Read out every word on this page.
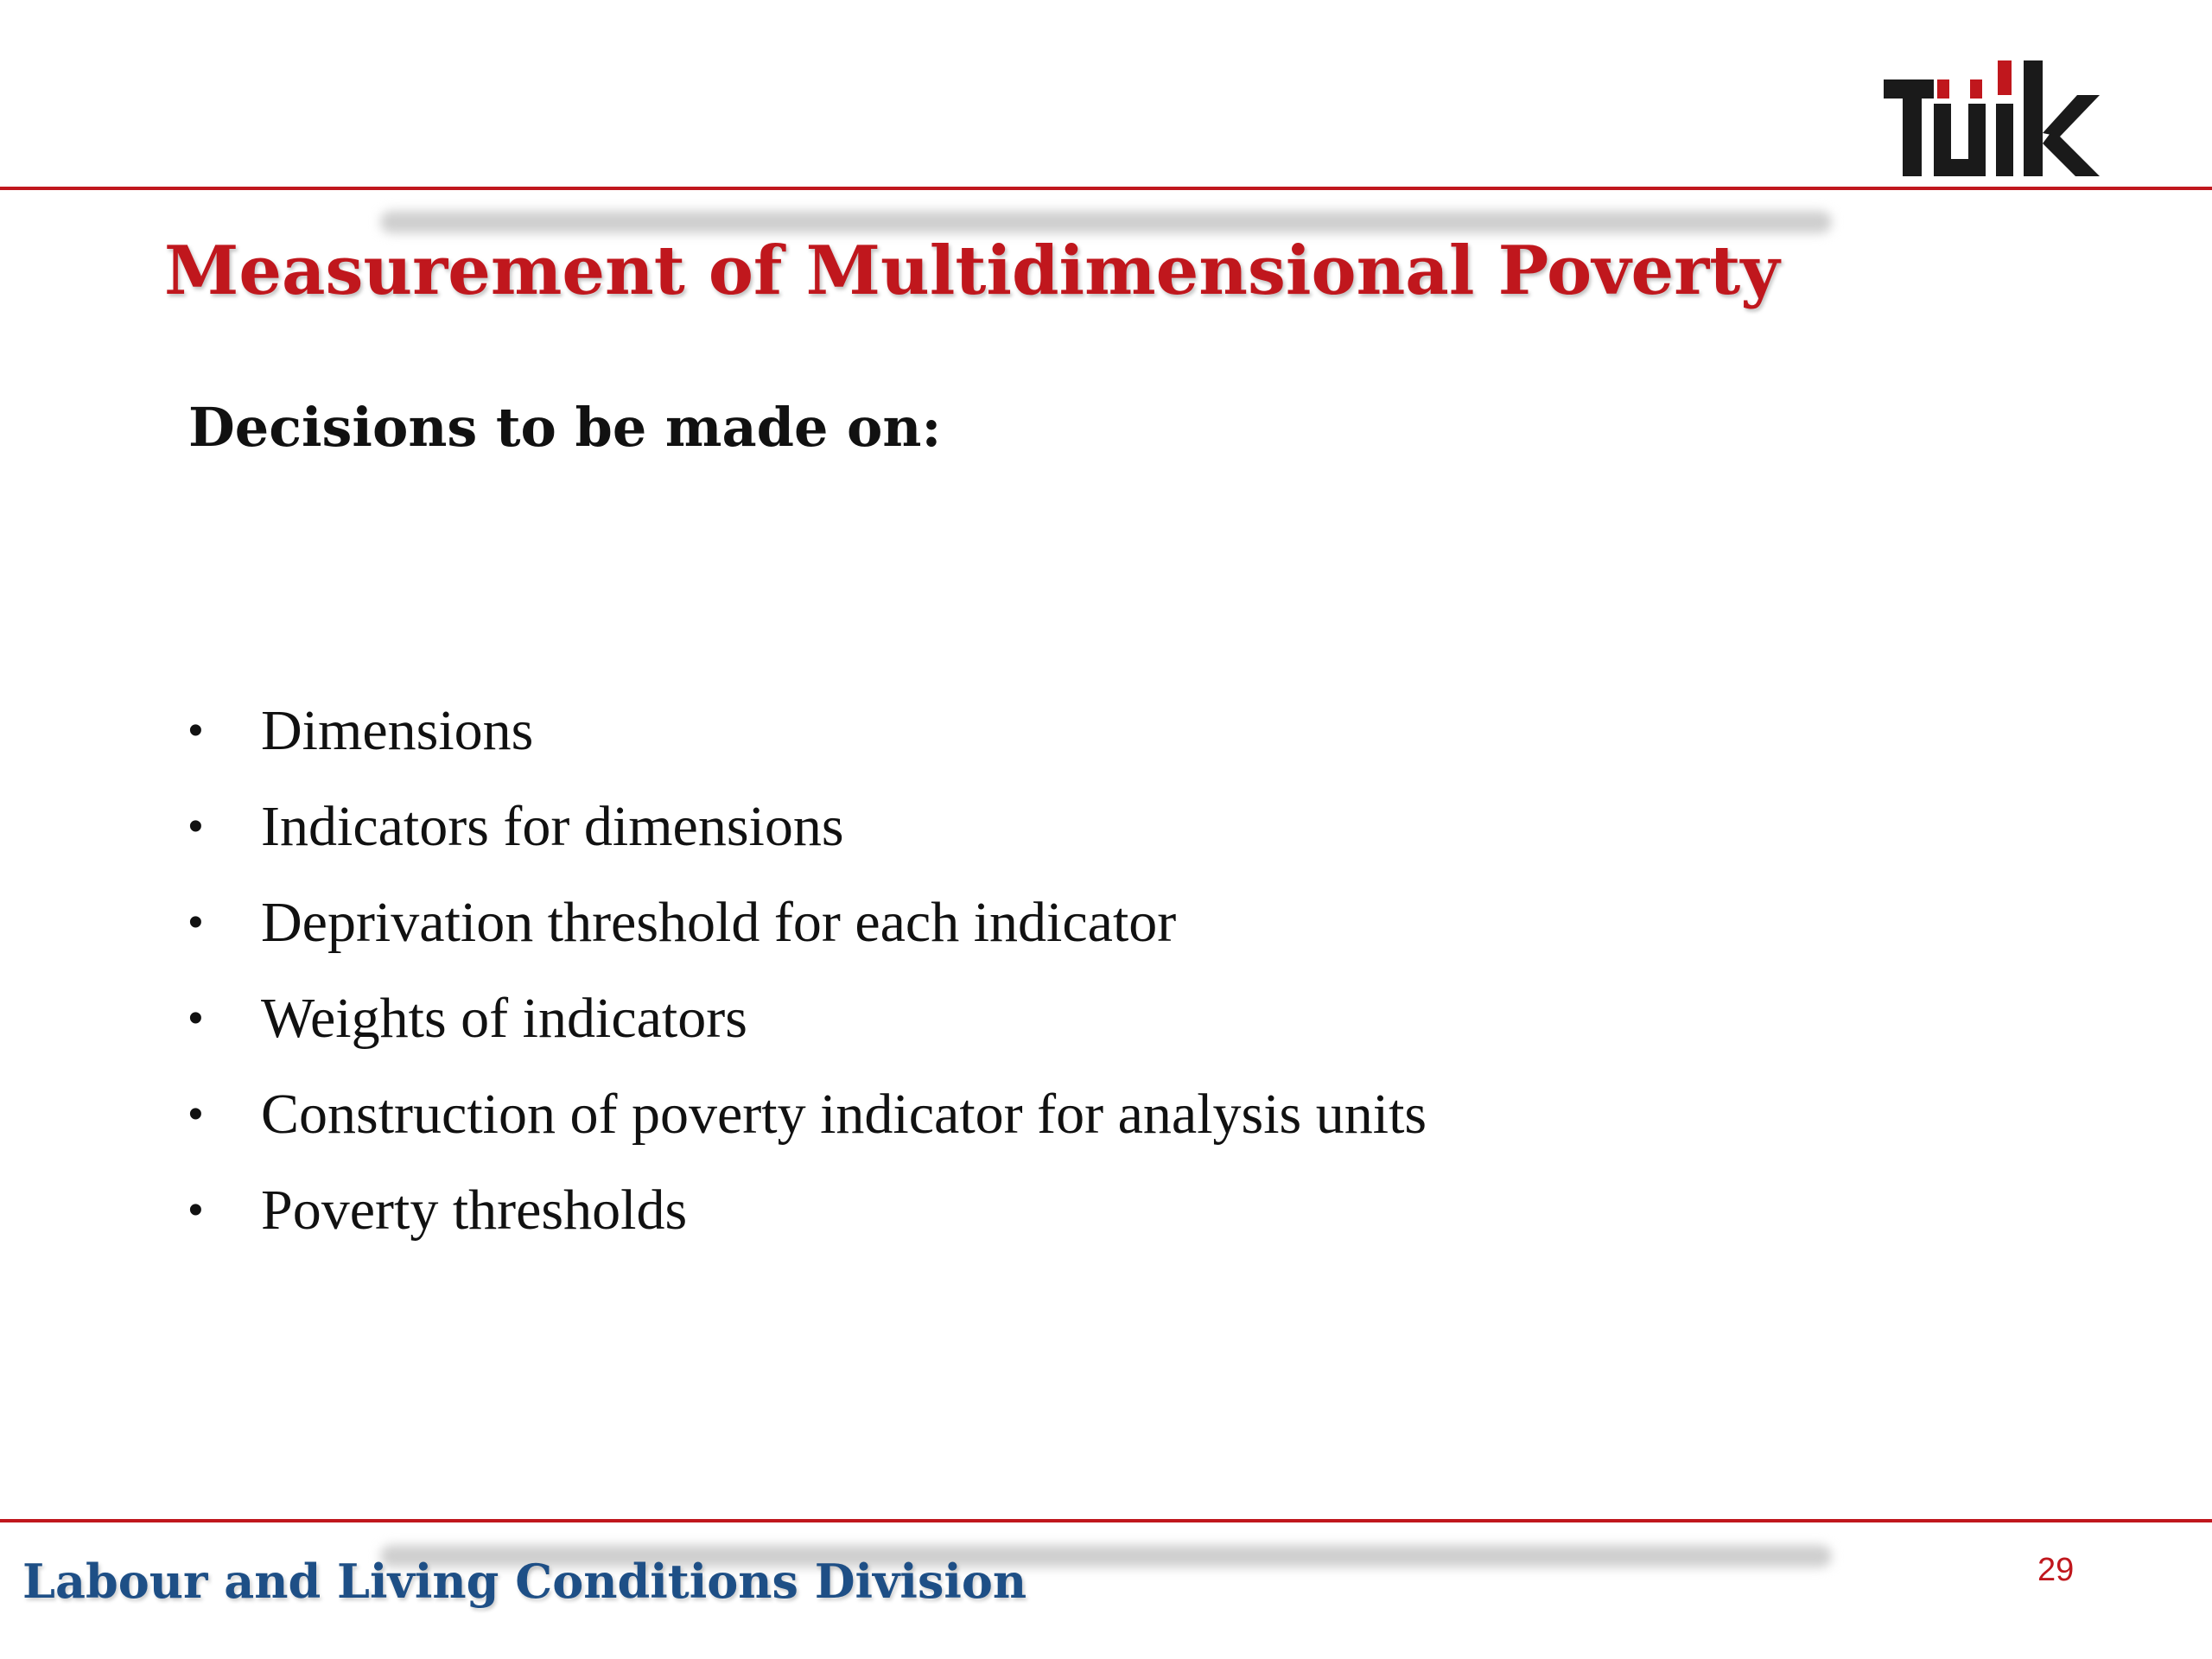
Measurement of Multidimensional Poverty
Decisions to be made on:
•	Dimensions
•	Indicators for dimensions
•	Deprivation threshold for each indicator
•	Weights of indicators
•	Construction of poverty indicator for analysis units
•	Poverty thresholds
Labour and Living Conditions Division	29
